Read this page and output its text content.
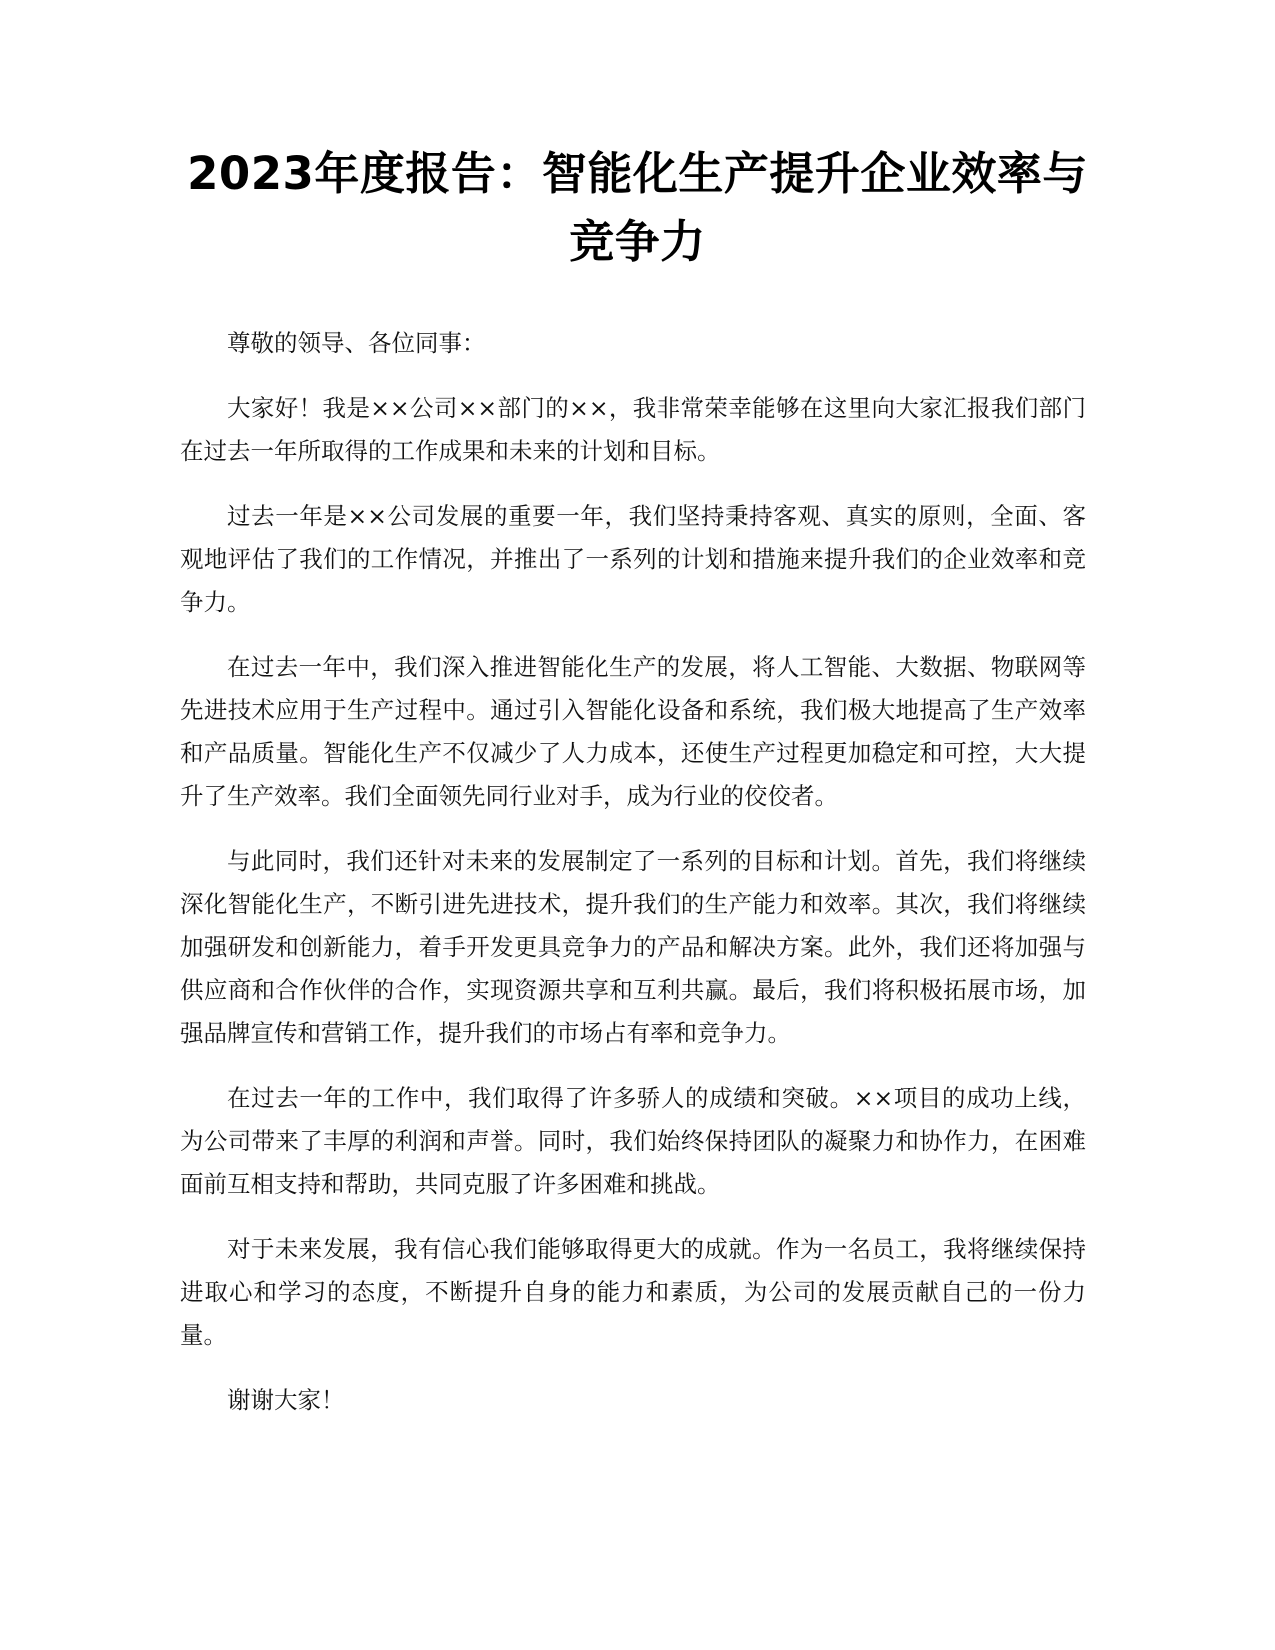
2023年度报告：智能化生产提升企业效率与竞争力

尊敬的领导、各位同事：

大家好！我是××公司××部门的××，我非常荣幸能够在这里向大家汇报我们部门在过去一年所取得的工作成果和未来的计划和目标。

过去一年是××公司发展的重要一年，我们坚持秉持客观、真实的原则，全面、客观地评估了我们的工作情况，并推出了一系列的计划和措施来提升我们的企业效率和竞争力。

在过去一年中，我们深入推进智能化生产的发展，将人工智能、大数据、物联网等先进技术应用于生产过程中。通过引入智能化设备和系统，我们极大地提高了生产效率和产品质量。智能化生产不仅减少了人力成本，还使生产过程更加稳定和可控，大大提升了生产效率。我们全面领先同行业对手，成为行业的佼佼者。

与此同时，我们还针对未来的发展制定了一系列的目标和计划。首先，我们将继续深化智能化生产，不断引进先进技术，提升我们的生产能力和效率。其次，我们将继续加强研发和创新能力，着手开发更具竞争力的产品和解决方案。此外，我们还将加强与供应商和合作伙伴的合作，实现资源共享和互利共赢。最后，我们将积极拓展市场，加强品牌宣传和营销工作，提升我们的市场占有率和竞争力。

在过去一年的工作中，我们取得了许多骄人的成绩和突破。××项目的成功上线，为公司带来了丰厚的利润和声誉。同时，我们始终保持团队的凝聚力和协作力，在困难面前互相支持和帮助，共同克服了许多困难和挑战。

对于未来发展，我有信心我们能够取得更大的成就。作为一名员工，我将继续保持进取心和学习的态度，不断提升自身的能力和素质，为公司的发展贡献自己的一份力量。

谢谢大家！
